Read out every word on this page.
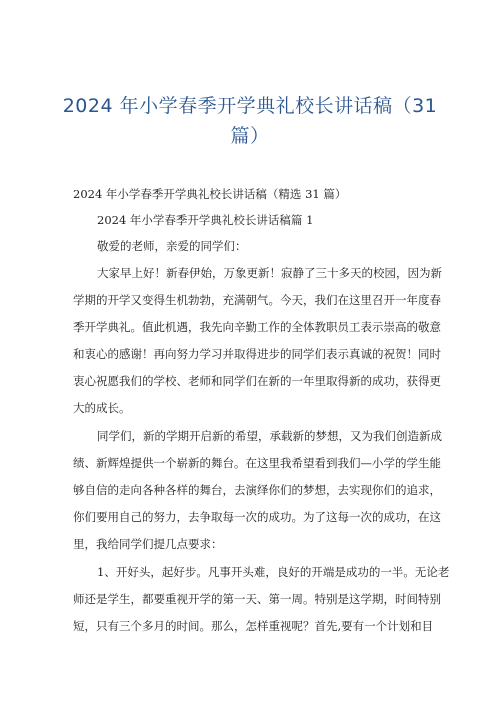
2024 年小学春季开学典礼校长讲话稿（31
篇）
2024 年小学春季开学典礼校长讲话稿（精选 31 篇）
2024 年小学春季开学典礼校长讲话稿篇 1
敬爱的老师，亲爱的同学们：
大家早上好！新春伊始，万象更新！寂静了三十多天的校园，因为新
学期的开学又变得生机勃勃，充满朝气。今天，我们在这里召开一年度春
季开学典礼。值此机遇，我先向辛勤工作的全体教职员工表示崇高的敬意
和衷心的感谢！再向努力学习并取得进步的同学们表示真诚的祝贺！同时
衷心祝愿我们的学校、老师和同学们在新的一年里取得新的成功，获得更
大的成长。
同学们，新的学期开启新的希望，承载新的梦想，又为我们创造新成
绩、新辉煌提供一个崭新的舞台。在这里我希望看到我们—小学的学生能
够自信的走向各种各样的舞台，去演绎你们的梦想，去实现你们的追求，
你们要用自己的努力，去争取每一次的成功。为了这每一次的成功，在这
里，我给同学们提几点要求：
1、开好头，起好步。凡事开头难，良好的开端是成功的一半。无论老
师还是学生，都要重视开学的第一天、第一周。特别是这学期，时间特别
短，只有三个多月的时间。那么，怎样重视呢？首先,要有一个计划和目
